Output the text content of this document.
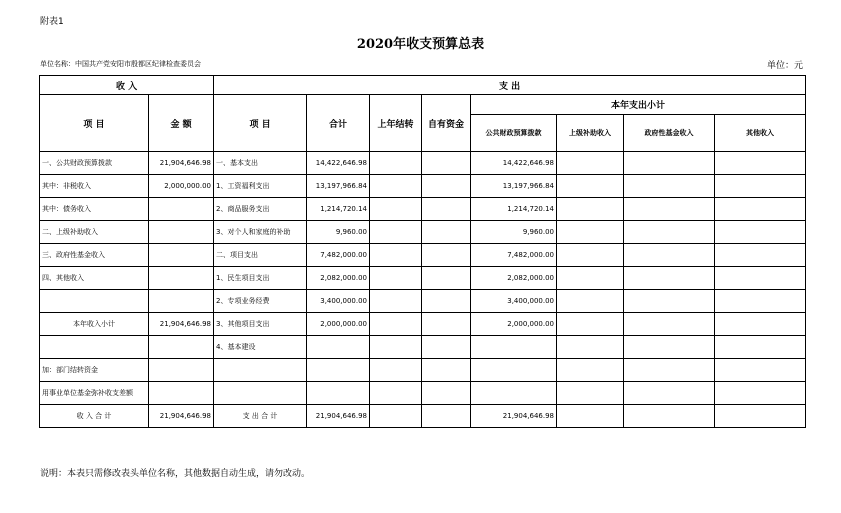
附表1
2020年收支预算总表
单位名称：中国共产党安阳市殷都区纪律检查委员会	单位：元
收 入		支 出							
项 目	金 额	项 目	合计	上年结转	自有资金	本年支出小计			
						公共财政预算拨款	上级补助收入	政府性基金收入	其他收入
一、公共财政预算拨款	21,904,646.98	一、基本支出	14,422,646.98			14,422,646.98			
其中：非税收入	2,000,000.00	1、工资福利支出	13,197,966.84			13,197,966.84			
其中：债务收入		2、商品服务支出	1,214,720.14			1,214,720.14			
二、上级补助收入		3、对个人和家庭的补助	9,960.00			9,960.00			
三、政府性基金收入		二、项目支出	7,482,000.00			7,482,000.00			
四、其他收入		1、民生项目支出	2,082,000.00			2,082,000.00			
		2、专项业务经费	3,400,000.00			3,400,000.00			
本年收入小计	21,904,646.98	3、其他项目支出	2,000,000.00			2,000,000.00			
		4、基本建设							
加：部门结转资金									
用事业单位基金弥补收支差额									
收 入 合 计	21,904,646.98	支 出 合 计	21,904,646.98			21,904,646.98			
说明：本表只需修改表头单位名称，其他数据自动生成，请勿改动。
